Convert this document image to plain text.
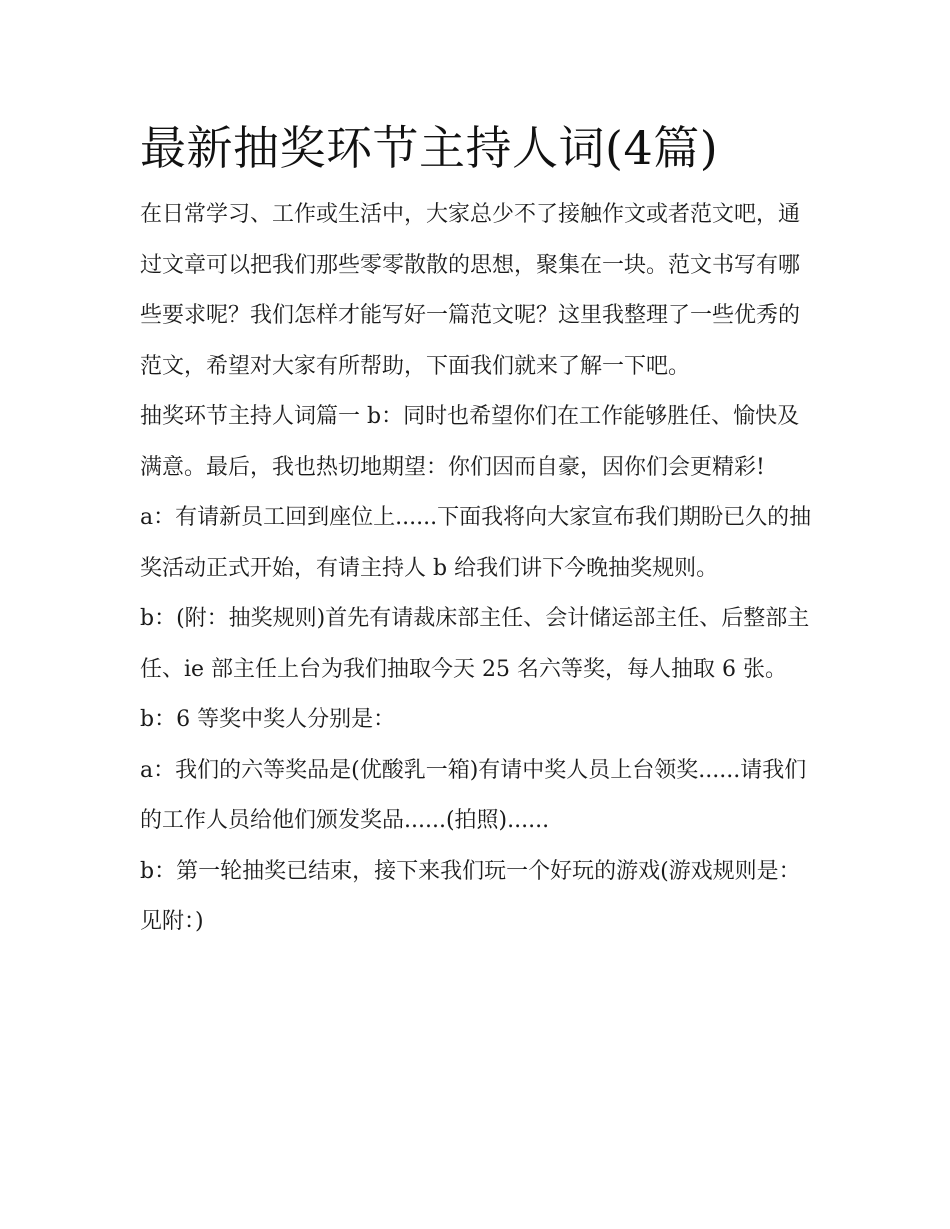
最新抽奖环节主持人词(4篇)

在日常学习、工作或生活中，大家总少不了接触作文或者范文吧，通过文章可以把我们那些零零散散的思想，聚集在一块。范文书写有哪些要求呢？我们怎样才能写好一篇范文呢？这里我整理了一些优秀的范文，希望对大家有所帮助，下面我们就来了解一下吧。

抽奖环节主持人词篇一 b：同时也希望你们在工作能够胜任、愉快及满意。最后，我也热切地期望：你们因而自豪，因你们会更精彩!

a：有请新员工回到座位上......下面我将向大家宣布我们期盼已久的抽奖活动正式开始，有请主持人 b 给我们讲下今晚抽奖规则。

b：(附：抽奖规则)首先有请裁床部主任、会计储运部主任、后整部主任、ie 部主任上台为我们抽取今天 25 名六等奖，每人抽取 6 张。 b：6 等奖中奖人分别是：

a：我们的六等奖品是(优酸乳一箱)有请中奖人员上台领奖......请我们的工作人员给他们颁发奖品......(拍照)......

b：第一轮抽奖已结束，接下来我们玩一个好玩的游戏(游戏规则是：见附：)
